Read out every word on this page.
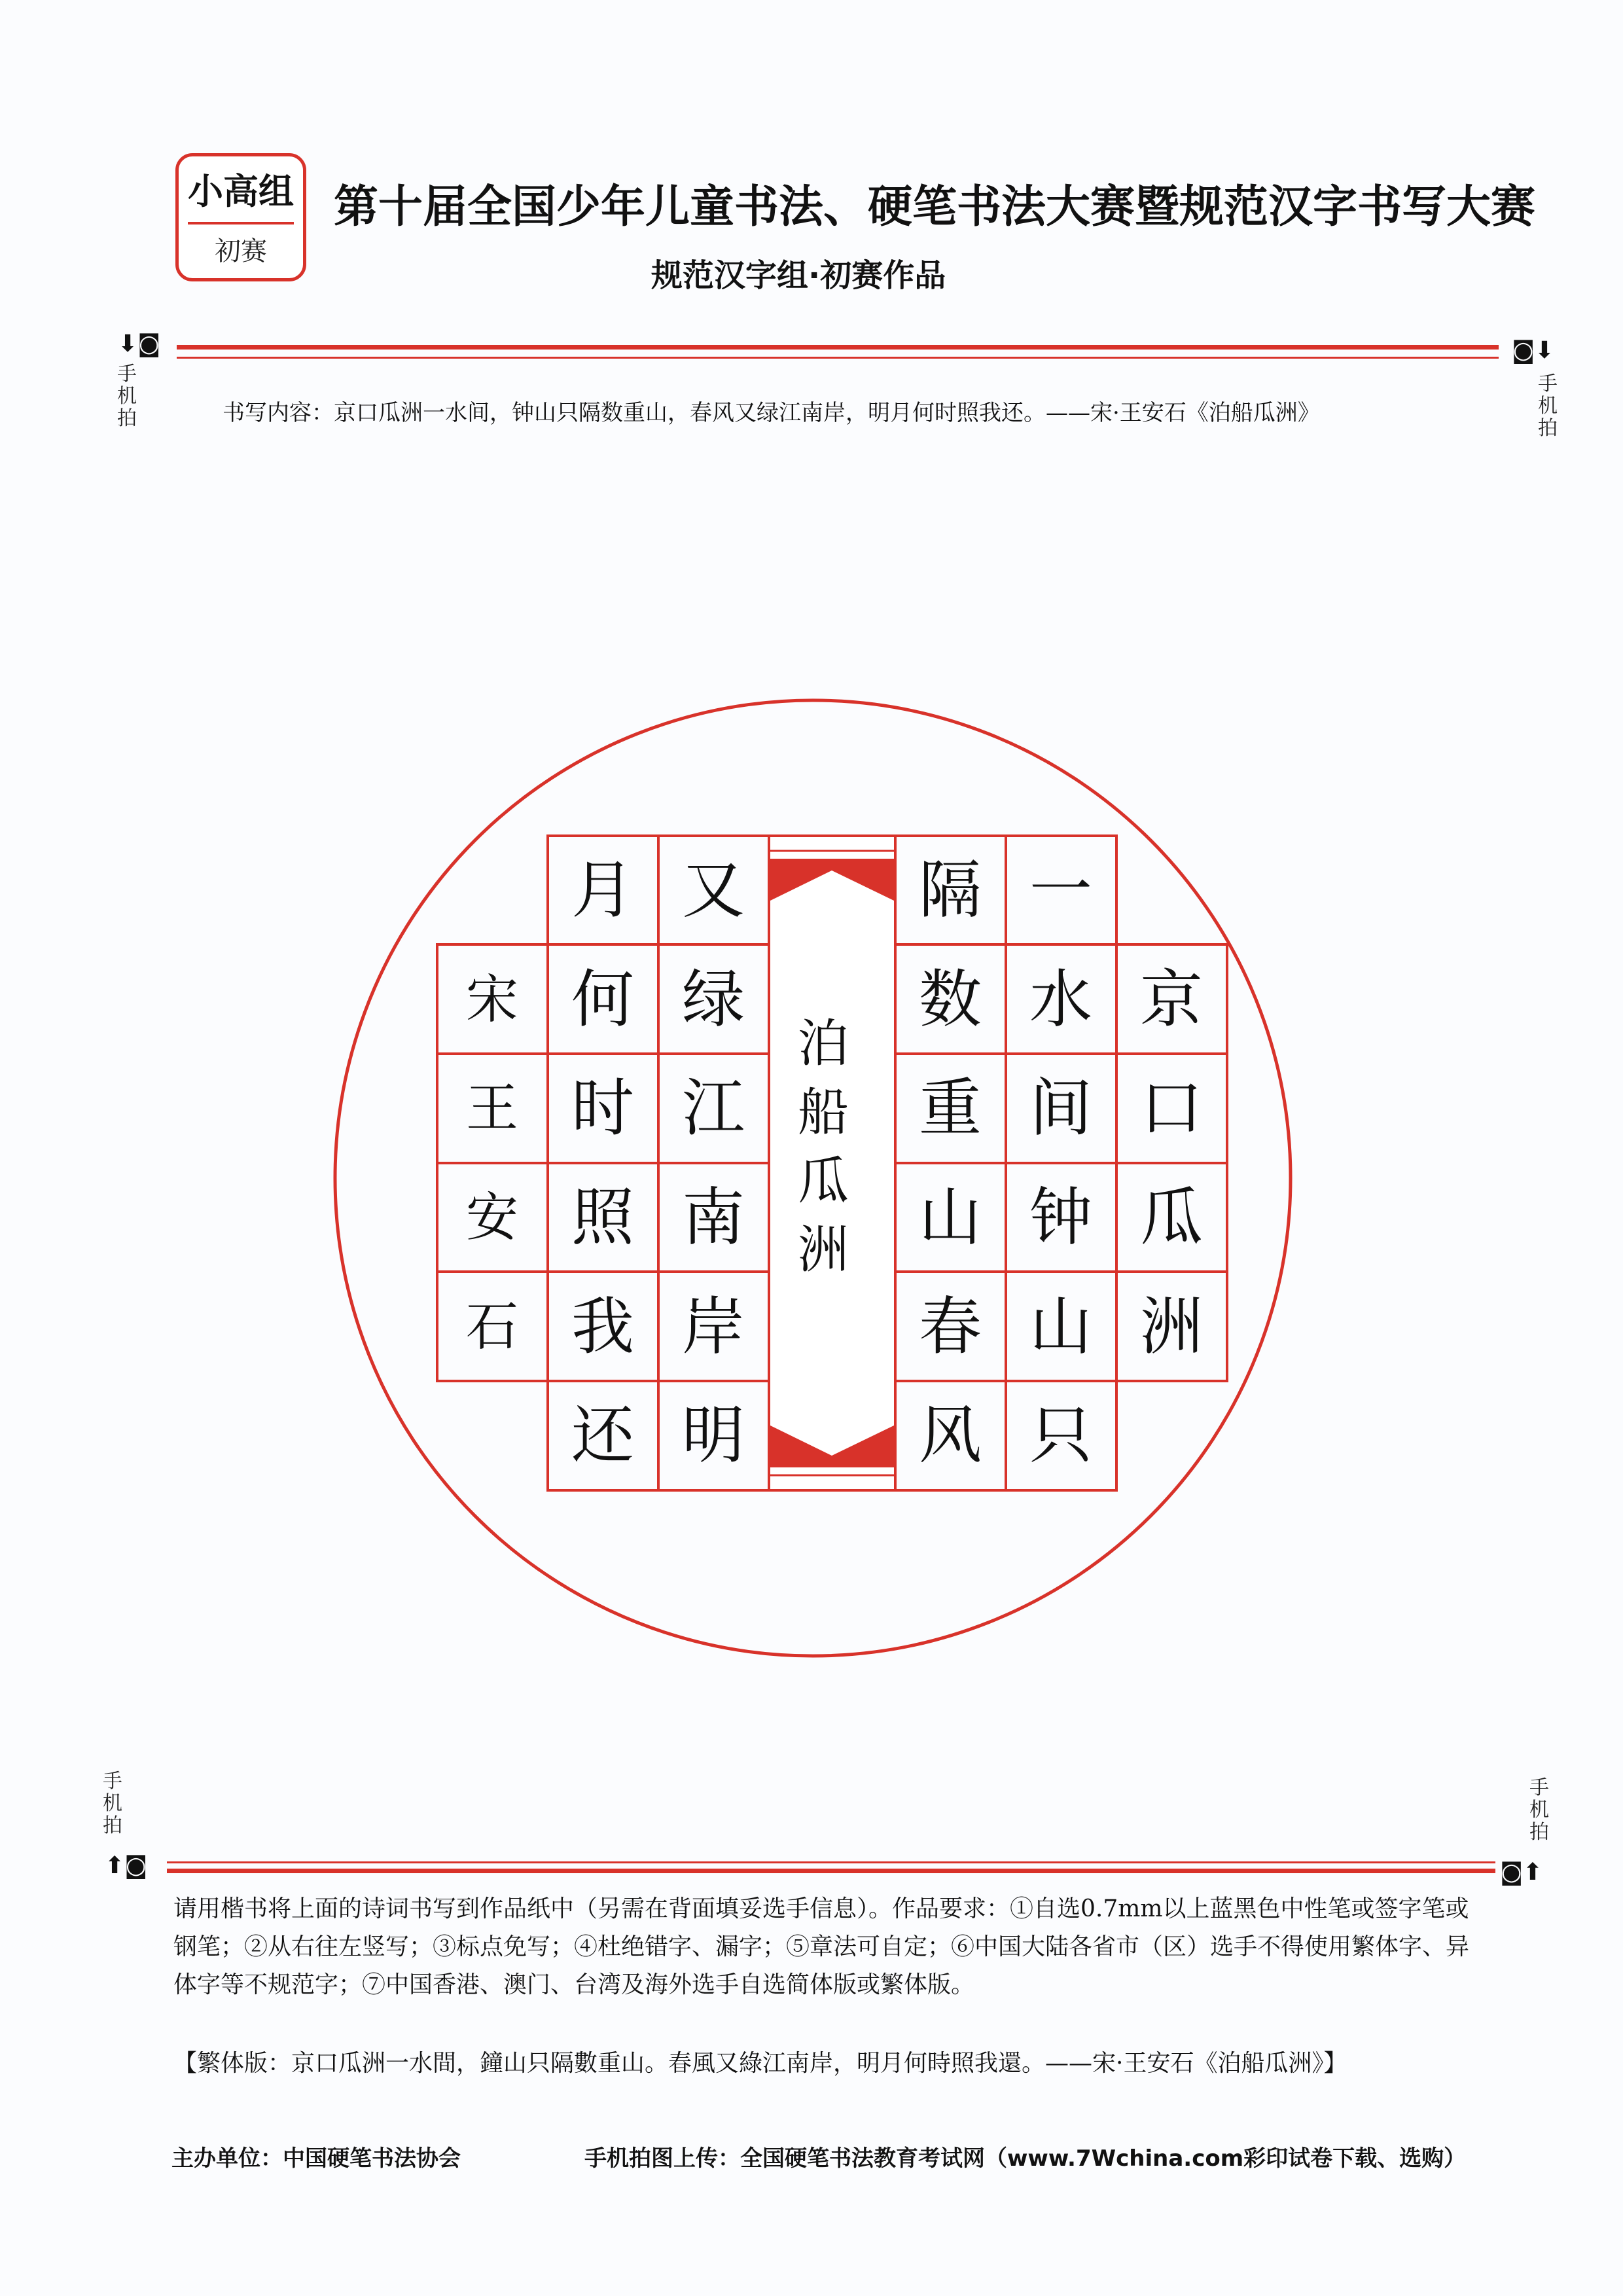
小高组
初赛
第十届全国少年儿童书法、硬笔书法大赛暨规范汉字书写大赛
规范汉字组·初赛作品
⬇◙
手机拍
◙⬇
手机拍
书写内容：京口瓜洲一水间，钟山只隔数重山，春风又绿江南岸，明月何时照我还。——宋·王安石《泊船瓜洲》
泊
船
瓜
洲
京
口
瓜
洲
一
水
间
钟
山
只
隔
数
重
山
春
风
又
绿
江
南
岸
明
月
何
时
照
我
还
宋
王
安
石
手机拍
⬆◙
手机拍
◙⬆
请用楷书将上面的诗词书写到作品纸中（另需在背面填妥选手信息）。作品要求：①自选0.7mm以上蓝黑色中性笔或签字笔或钢笔；②从右往左竖写；③标点免写；④杜绝错字、漏字；⑤章法可自定；⑥中国大陆各省市（区）选手不得使用繁体字、异体字等不规范字；⑦中国香港、澳门、台湾及海外选手自选简体版或繁体版。
【繁体版：京口瓜洲一水間，鐘山只隔數重山。春風又綠江南岸，明月何時照我還。——宋·王安石《泊船瓜洲》】
主办单位：中国硬笔书法协会	手机拍图上传：全国硬笔书法教育考试网（www.7Wchina.com彩印试卷下载、选购）
